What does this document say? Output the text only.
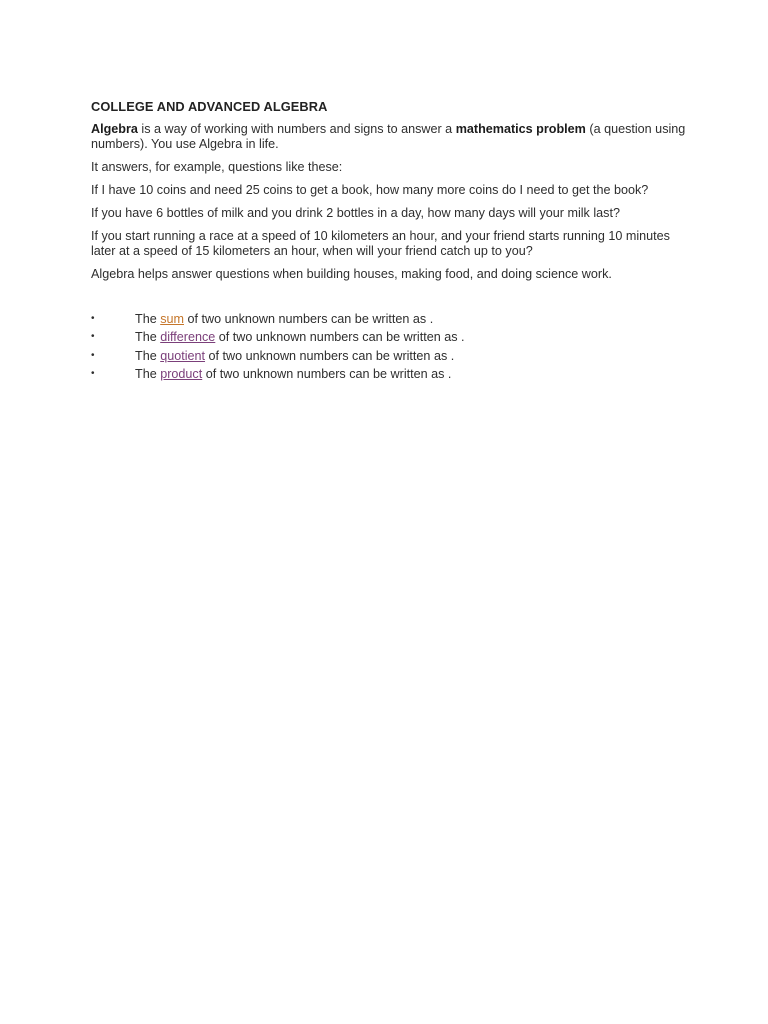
COLLEGE AND ADVANCED ALGEBRA

Algebra is a way of working with numbers and signs to answer a mathematics problem (a question using numbers). You use Algebra in life.

It answers, for example, questions like these:

If I have 10 coins and need 25 coins to get a book, how many more coins do I need to get the book?

If you have 6 bottles of milk and you drink 2 bottles in a day, how many days will your milk last?

If you start running a race at a speed of 10 kilometers an hour, and your friend starts running 10 minutes later at a speed of 15 kilometers an hour, when will your friend catch up to you?

Algebra helps answer questions when building houses, making food, and doing science work.

•	The sum of two unknown numbers can be written as .
•	The difference of two unknown numbers can be written as .
•	The quotient of two unknown numbers can be written as .
•	The product of two unknown numbers can be written as .
